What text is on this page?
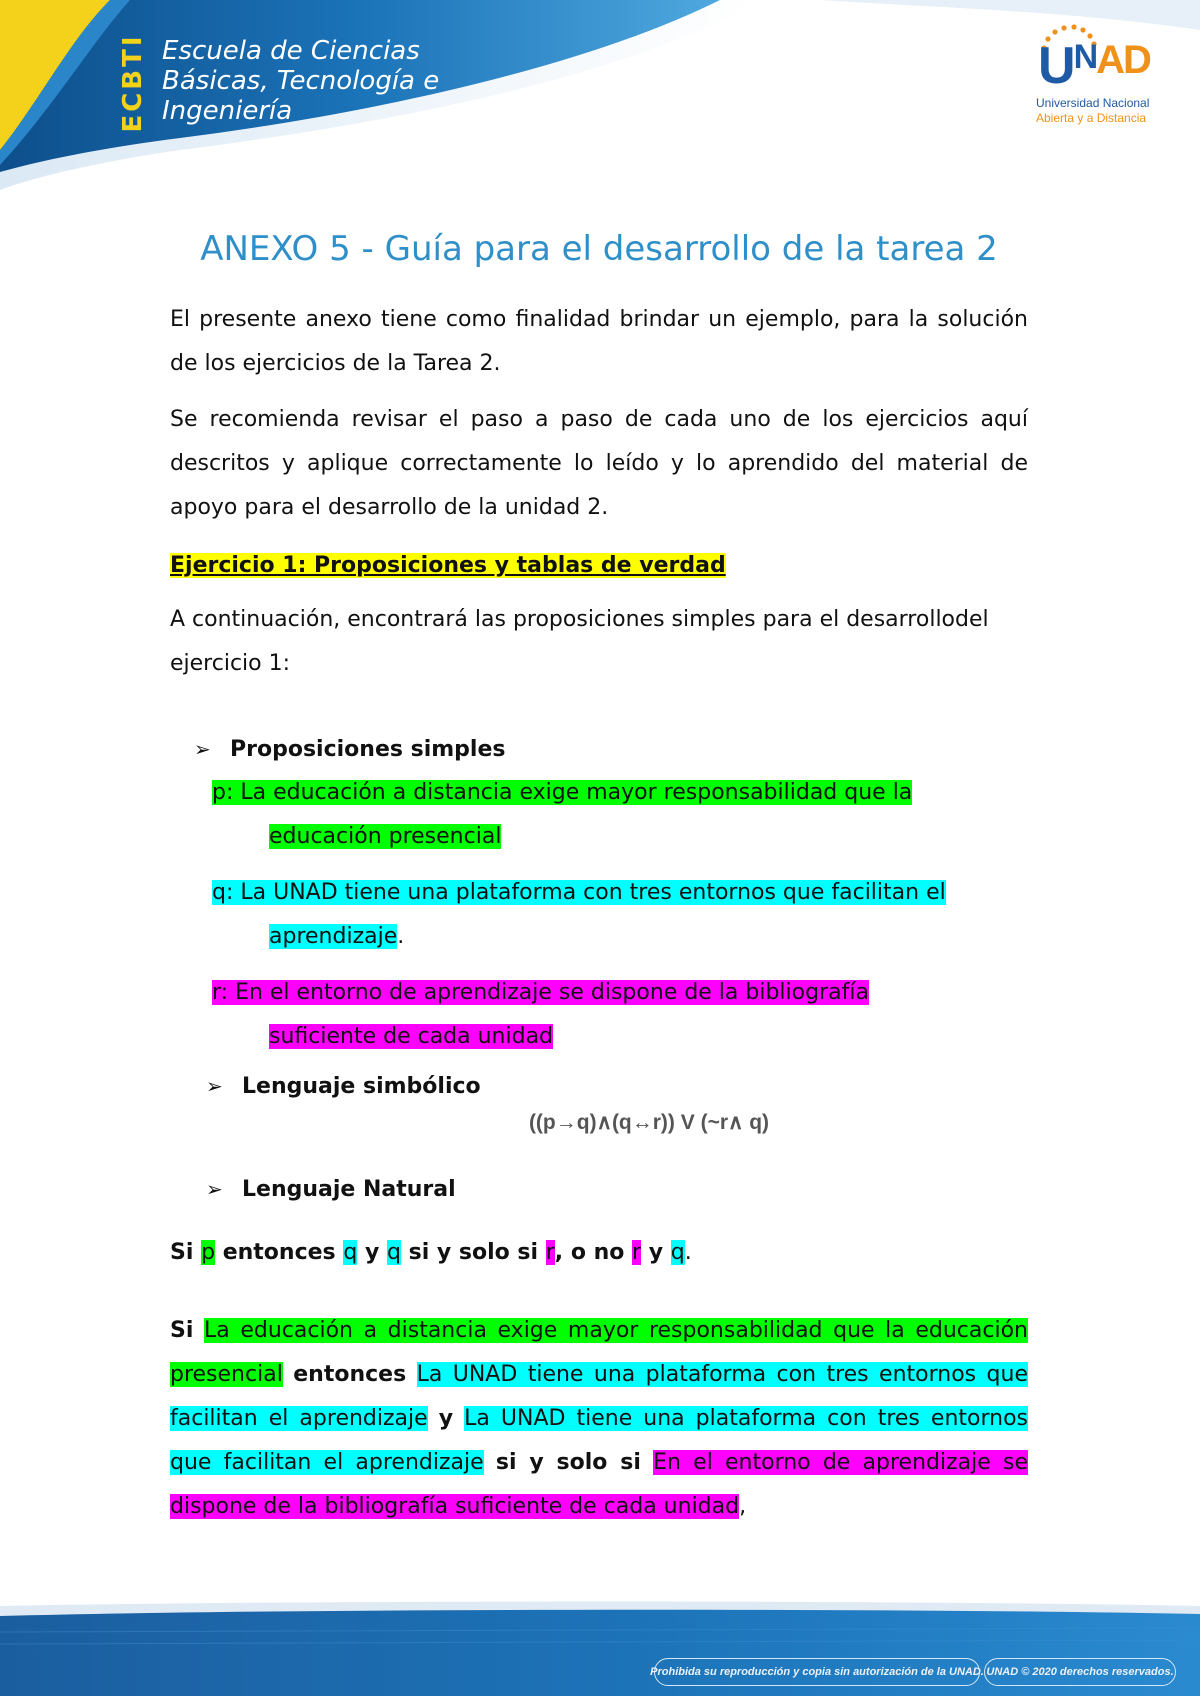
ECBTI Escuela de Ciencias
Básicas, Tecnología e
Ingeniería
$U^{NAD}$
Universidad Nacional
Abierta y a Distancia
ANEXO 5 - Guía para el desarrollo de la tarea 2

El presente anexo tiene como finalidad brindar un ejemplo, para la solución de los ejercicios de la Tarea 2.

Se recomienda revisar el paso a paso de cada uno de los ejercicios aquí descritos y aplique correctamente lo leído y lo aprendido del material de apoyo para el desarrollo de la unidad 2.

Ejercicio 1: Proposiciones y tablas de verdad

A continuación, encontrará las proposiciones simples para el desarrollodel ejercicio 1:

➢ Proposiciones simples

p: La educación a distancia exige mayor responsabilidad que la
educación presencial

q: La UNAD tiene una plataforma con tres entornos que facilitan el
aprendizaje.

r: En el entorno de aprendizaje se dispone de la bibliografía
suficiente de cada unidad

➢ Lenguaje simbólico

((p→q)∧(q↔r)) V (~r∧ q)

➢ Lenguaje Natural

Si p entonces q y q si y solo si r, o no r y q.

Si La educación a distancia exige mayor responsabilidad que la educación presencial entonces La UNAD tiene una plataforma con tres entornos que facilitan el aprendizaje y La UNAD tiene una plataforma con tres entornos que facilitan el aprendizaje si y solo si En el entorno de aprendizaje se dispone de la bibliografía suficiente de cada unidad,

Prohibida su reproducción y copia sin autorización de la UNAD. UNAD © 2020 derechos reservados.
